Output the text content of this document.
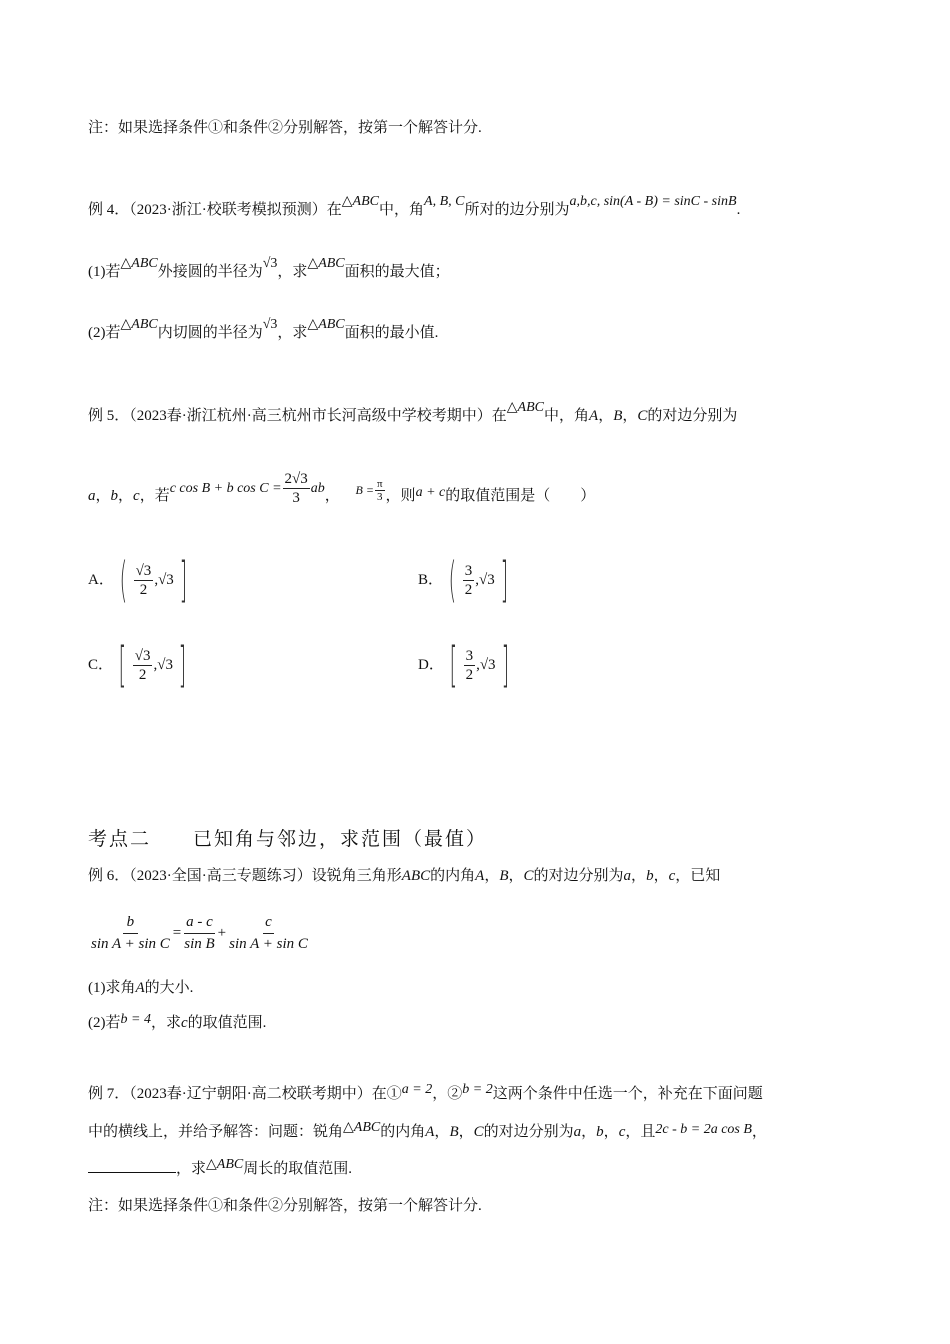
注：如果选择条件①和条件②分别解答，按第一个解答计分.
例 4．（2023·浙江·校联考模拟预测）在△ABC中，角A, B, C所对的边分别为a,b,c, sin(A - B) = sinC - sinB.
(1)若△ABC外接圆的半径为√3，求△ABC面积的最大值；
(2)若△ABC内切圆的半径为√3，求△ABC面积的最小值.
例 5．（2023春·浙江杭州·高三杭州市长河高级中学校考期中）在△ABC中，角A，B，C的对边分别为
a，b，c，若c cos B + b $\cos C = \frac{2√3}{3}$ ab， $^{B =} \frac{\pi}{3}$ ，则a + c的取值范围是（　　）
A． ( $\frac{√3}{2}$ , √3 ]	B． ( $\frac{3}{2}$ , √3 ]
C． [ $\frac{√3}{2}$ , √3 ]	D． [ $\frac{3}{2}$ , √3 ]
考点二　　已知角与邻边，求范围（最值）
例 6．（2023·全国·高三专题练习）设锐角三角形ABC的内角A，B，C的对边分别为a，b，c，已知
$\frac{b}{\text{sin A + sin C}} = \frac{a - c}{\text{sin B}} + \frac{c}{\text{sin A + sin C}}$
(1)求角A的大小.
(2)若b = 4，求c的取值范围.
例 7．（2023春·辽宁朝阳·高二校联考期中）在①a = 2，②b = 2这两个条件中任选一个，补充在下面问题
中的横线上，并给予解答：问题：锐角△ABC的内角A，B，C的对边分别为a，b，c，且2c - b = 2a cos B，
，求△ABC周长的取值范围.
注：如果选择条件①和条件②分别解答，按第一个解答计分.
